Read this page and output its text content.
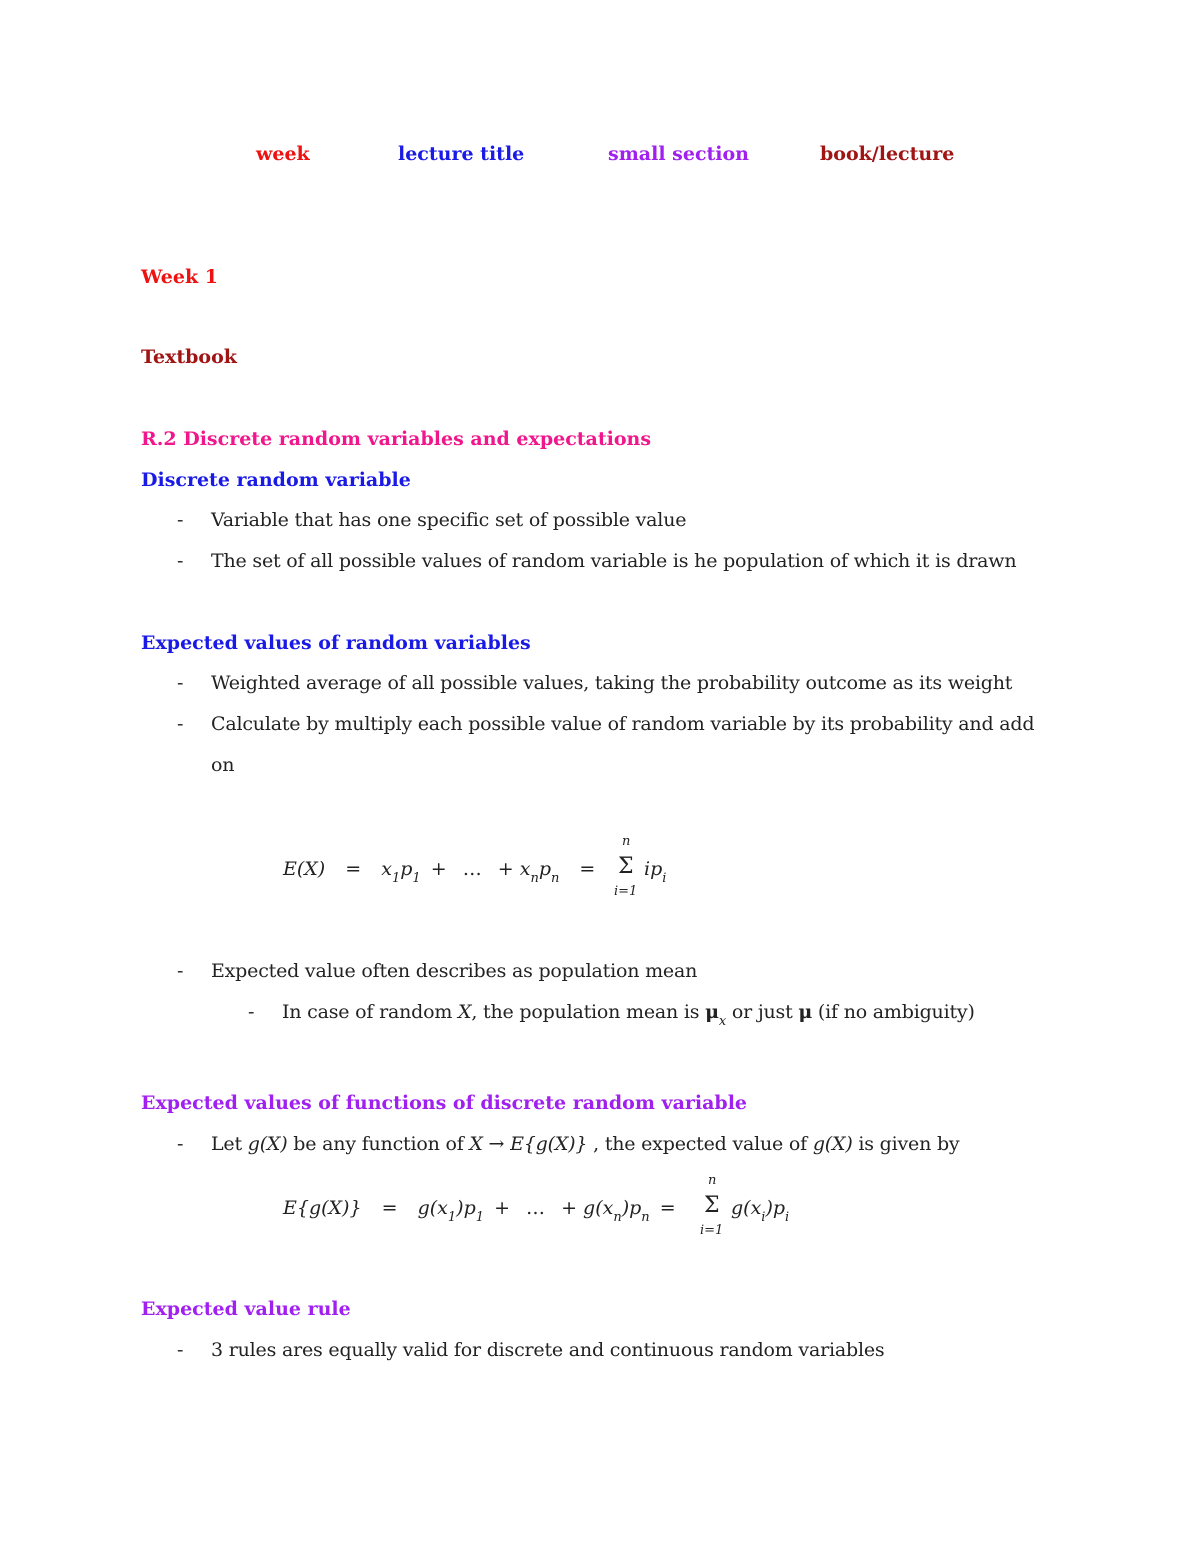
week	lecture title	small section	book/lecture
Week 1
Textbook
R.2 Discrete random variables and expectations
Discrete random variable
- Variable that has one specific set of possible value
- The set of all possible values of random variable is he population of which it is drawn
Expected values of random variables
- Weighted average of all possible values, taking the probability outcome as its weight
- Calculate by multiply each possible value of random variable by its probability and add
on
$E(X) = x_1p_1$ + … + $x_np_n$ =
n
Σ
i=1
$ip_i$
- Expected value often describes as population mean
- In case of random X, the population mean is $\mu_x$ or just μ (if no ambiguity)
Expected values of functions of discrete random variable
- Let g(X) be any function of X → E{g(X)} , the expected value of g(X) is given by
$E\{g(X)\} = g(x_1)p_1$ + … + $g(x_n)p_n$ =
n
Σ
i=1
$g(x_i)p_i$
Expected value rule
- 3 rules ares equally valid for discrete and continuous random variables
